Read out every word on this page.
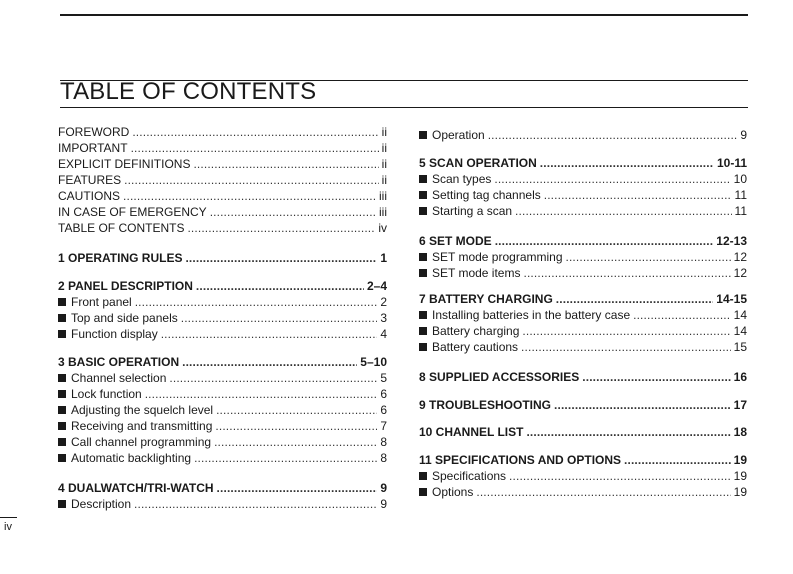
TABLE OF CONTENTS
FOREWORD . . .	ii
IMPORTANT . . .	ii
EXPLICIT DEFINITIONS . . .	ii
FEATURES . . .	ii
CAUTIONS . . .	iii
IN CASE OF EMERGENCY . . .	iii
TABLE OF CONTENTS . . .	iv
1 OPERATING RULES . . .	1
2 PANEL DESCRIPTION . . .	2–4
Front panel . . .	2
Top and side panels . . .	3
Function display . . .	4
3 BASIC OPERATION . . .	5–10
Channel selection . . .	5
Lock function . . .	6
Adjusting the squelch level . . .	6
Receiving and transmitting . . .	7
Call channel programming . . .	8
Automatic backlighting . . .	8
4 DUALWATCH/TRI-WATCH . . .	9
Description . . .	9
Operation . . .	9
5 SCAN OPERATION . . .	10-11
Scan types . . .	10
Setting tag channels . . .	11
Starting a scan . . .	11
6 SET MODE . . .	12-13
SET mode programming . . .	12
SET mode items . . .	12
7 BATTERY CHARGING . . .	14-15
Installing batteries in the battery case . . .	14
Battery charging . . .	14
Battery cautions . . .	15
8 SUPPLIED ACCESSORIES . . .	16
9 TROUBLESHOOTING . . .	17
10 CHANNEL LIST . . .	18
11 SPECIFICATIONS AND OPTIONS . . .	19
Specifications . . .	19
Options . . .	19
iv
